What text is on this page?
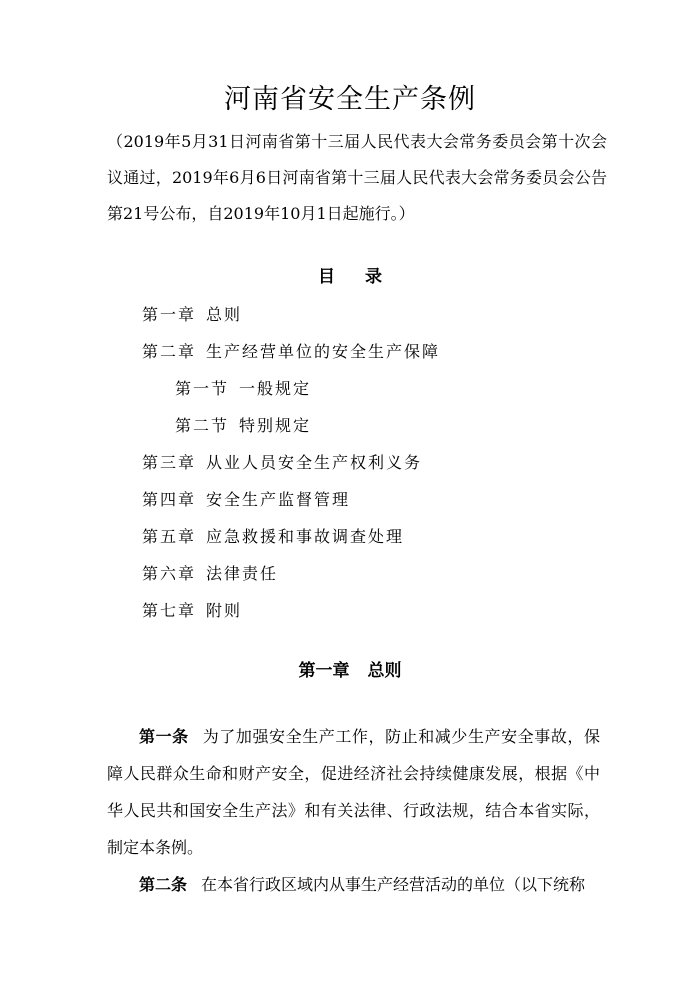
河南省安全生产条例
（2019年5月31日河南省第十三届人民代表大会常务委员会第十次会议通过，2019年6月6日河南省第十三届人民代表大会常务委员会公告第21号公布，自2019年10月1日起施行。）
目录
第一章 总则
第二章 生产经营单位的安全生产保障
第一节 一般规定
第二节 特别规定
第三章 从业人员安全生产权利义务
第四章 安全生产监督管理
第五章 应急救援和事故调查处理
第六章 法律责任
第七章 附则
第一章 总则

第一条 为了加强安全生产工作，防止和减少生产安全事故，保障人民群众生命和财产安全，促进经济社会持续健康发展，根据《中华人民共和国安全生产法》和有关法律、行政法规，结合本省实际，制定本条例。

第二条 在本省行政区域内从事生产经营活动的单位（以下统称
